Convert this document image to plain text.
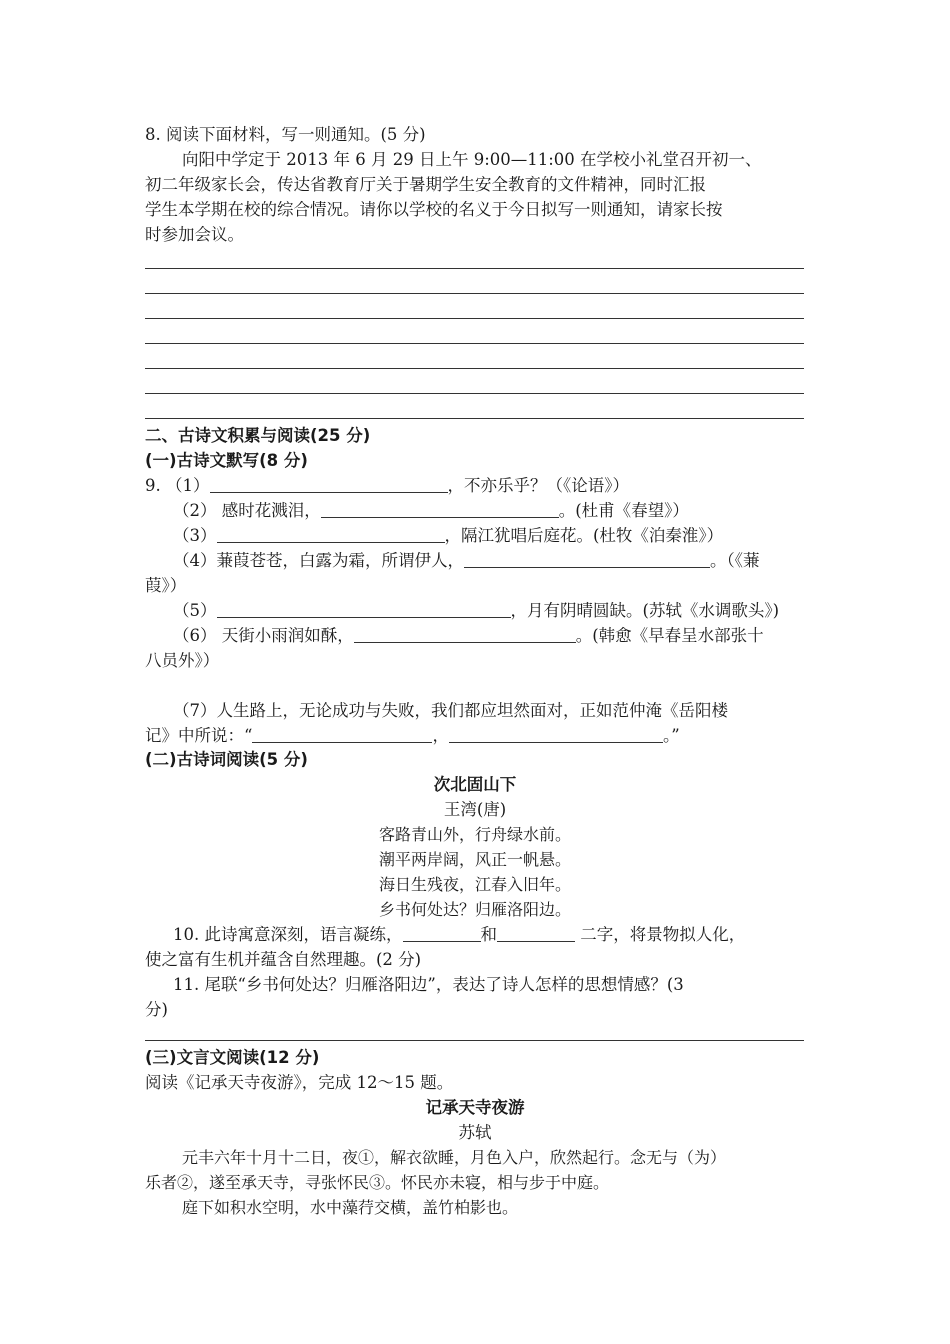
8. 阅读下面材料，写一则通知。(5 分)
向阳中学定于 2013 年 6 月 29 日上午 9:00—11:00 在学校小礼堂召开初一、
初二年级家长会，传达省教育厅关于暑期学生安全教育的文件精神，同时汇报
学生本学期在校的综合情况。请你以学校的名义于今日拟写一则通知，请家长按
时参加会议。
二、古诗文积累与阅读(25 分)
(一)古诗文默写(8 分)
9. （1）	，不亦乐乎？（《论语》）
（2） 感时花溅泪，	。(杜甫《春望》）
（3）	，隔江犹唱后庭花。(杜牧《泊秦淮》）
（4）蒹葭苍苍，白露为霜，所谓伊人，	。（《蒹
葭》）
（5）	，月有阴晴圆缺。(苏轼《水调歌头》)
（6） 天街小雨润如酥，	。(韩愈《早春呈水部张十
八员外》）
（7）人生路上，无论成功与失败，我们都应坦然面对，正如范仲淹《岳阳楼
记》中所说：“	，	。”
(二)古诗词阅读(5 分)
次北固山下
王湾(唐)
客路青山外，行舟绿水前。
潮平两岸阔，风正一帆悬。
海日生残夜，江春入旧年。
乡书何处达？归雁洛阳边。
10. 此诗寓意深刻，语言凝练，	和	二字，将景物拟人化，
使之富有生机并蕴含自然理趣。(2 分)
11. 尾联“乡书何处达？归雁洛阳边”，表达了诗人怎样的思想情感？(3
分)
(三)文言文阅读(12 分)
阅读《记承天寺夜游》，完成 12～15 题。
记承天寺夜游
苏轼
元丰六年十月十二日，夜①，解衣欲睡，月色入户，欣然起行。念无与（为）
乐者②，遂至承天寺，寻张怀民③。怀民亦未寝，相与步于中庭。
庭下如积水空明，水中藻荇交横，盖竹柏影也。
